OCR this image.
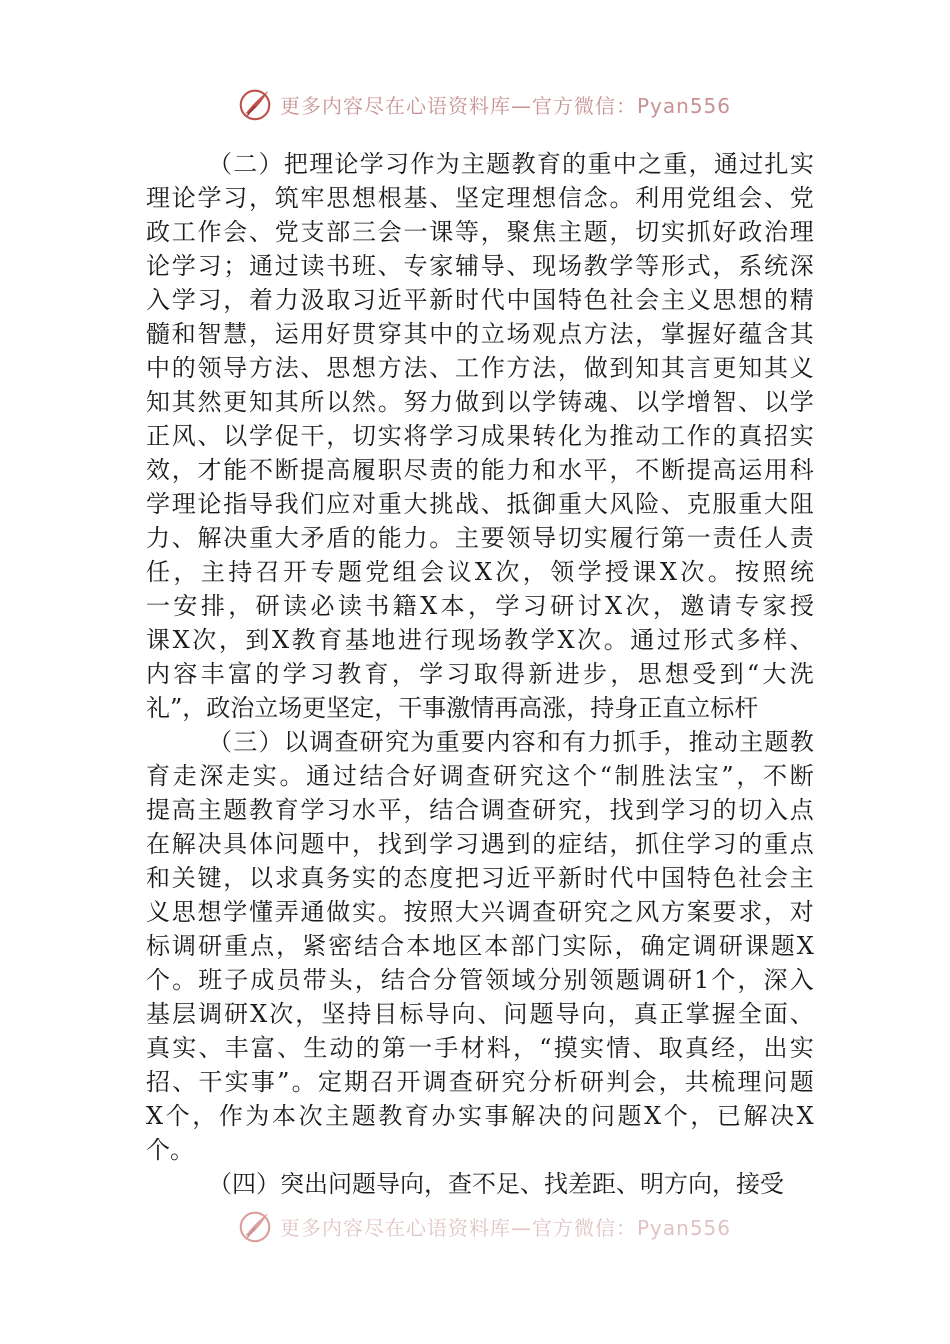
更多内容尽在心语资料库—官方微信：Pyan556
（ 二 ） 把 理 论 学 习 作 为 主 题 教 育 的 重 中 之 重 ， 通 过 扎 实
理 论 学 习 ， 筑 牢 思 想 根 基 、 坚 定 理 想 信 念 。 利 用 党 组 会 、 党
政 工 作 会 、 党 支 部 三 会 一 课 等 ， 聚 焦 主 题 ， 切 实 抓 好 政 治 理
论 学 习 ； 通 过 读 书 班 、 专 家 辅 导 、 现 场 教 学 等 形 式 ， 系 统 深
入 学 习 ， 着 力 汲 取 习 近 平 新 时 代 中 国 特 色 社 会 主 义 思 想 的 精
髓 和 智 慧 ， 运 用 好 贯 穿 其 中 的 立 场 观 点 方 法 ， 掌 握 好 蕴 含 其
中 的 领 导 方 法 、 思 想 方 法 、 工 作 方 法 ， 做 到 知 其 言 更 知 其 义
知 其 然 更 知 其 所 以 然 。 努 力 做 到 以 学 铸 魂 、 以 学 增 智 、 以 学
正 风 、 以 学 促 干 ， 切 实 将 学 习 成 果 转 化 为 推 动 工 作 的 真 招 实
效 ， 才 能 不 断 提 高 履 职 尽 责 的 能 力 和 水 平 ， 不 断 提 高 运 用 科
学 理 论 指 导 我 们 应 对 重 大 挑 战 、 抵 御 重 大 风 险 、 克 服 重 大 阻
力 、 解 决 重 大 矛 盾 的 能 力 。 主 要 领 导 切 实 履 行 第 一 责 任 人 责
任 ， 主 持 召 开 专 题 党 组 会 议 X 次 ， 领 学 授 课 X 次 。 按 照 统
一 安 排 ， 研 读 必 读 书 籍 X 本 ， 学 习 研 讨 X 次 ， 邀 请 专 家 授
课 X 次 ， 到 X 教 育 基 地 进 行 现 场 教 学 X 次 。 通 过 形 式 多 样 、
内 容 丰 富 的 学 习 教 育 ， 学 习 取 得 新 进 步 ， 思 想 受 到 “ 大 洗
礼 ” ， 政 治 立 场 更 坚 定 ， 干 事 激 情 再 高 涨 ， 持 身 正 直 立 标 杆
（ 三 ） 以 调 查 研 究 为 重 要 内 容 和 有 力 抓 手 ， 推 动 主 题 教
育 走 深 走 实 。 通 过 结 合 好 调 查 研 究 这 个 “ 制 胜 法 宝 ” ， 不 断
提 高 主 题 教 育 学 习 水 平 ， 结 合 调 查 研 究 ， 找 到 学 习 的 切 入 点
在 解 决 具 体 问 题 中 ， 找 到 学 习 遇 到 的 症 结 ， 抓 住 学 习 的 重 点
和 关 键 ， 以 求 真 务 实 的 态 度 把 习 近 平 新 时 代 中 国 特 色 社 会 主
义 思 想 学 懂 弄 通 做 实 。 按 照 大 兴 调 查 研 究 之 风 方 案 要 求 ， 对
标 调 研 重 点 ， 紧 密 结 合 本 地 区 本 部 门 实 际 ， 确 定 调 研 课 题 X
个 。 班 子 成 员 带 头 ， 结 合 分 管 领 域 分 别 领 题 调 研 1 个 ， 深 入
基 层 调 研 X 次 ， 坚 持 目 标 导 向 、 问 题 导 向 ， 真 正 掌 握 全 面 、
真 实 、 丰 富 、 生 动 的 第 一 手 材 料 ， “ 摸 实 情 、 取 真 经 ， 出 实
招 、 干 实 事 ” 。 定 期 召 开 调 查 研 究 分 析 研 判 会 ， 共 梳 理 问 题
X 个 ， 作 为 本 次 主 题 教 育 办 实 事 解 决 的 问 题 X 个 ， 已 解 决 X
个 。
（ 四 ） 突 出 问 题 导 向 ， 查 不 足 、 找 差 距 、 明 方 向 ， 接 受
更多内容尽在心语资料库—官方微信：Pyan556
